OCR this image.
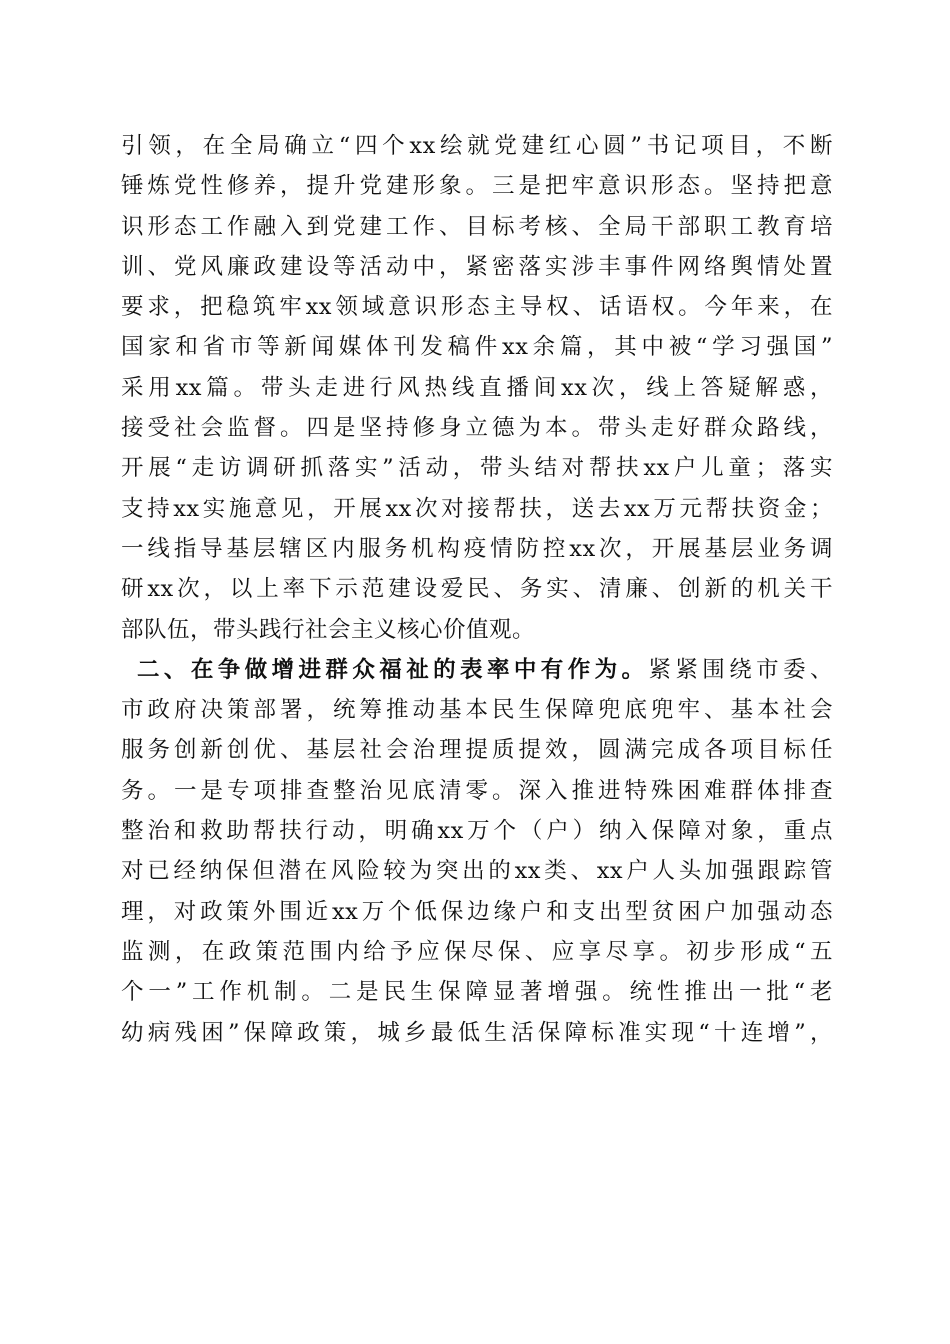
引领，在全局确立“四个xx绘就党建红心圆”书记项目，不断
锤炼党性修养，提升党建形象。三是把牢意识形态。坚持把意
识形态工作融入到党建工作、目标考核、全局干部职工教育培
训、党风廉政建设等活动中，紧密落实涉丰事件网络舆情处置
要求，把稳筑牢xx领域意识形态主导权、话语权。今年来，在
国家和省市等新闻媒体刊发稿件xx余篇，其中被“学习强国”
采用xx篇。带头走进行风热线直播间xx次，线上答疑解惑，
接受社会监督。四是坚持修身立德为本。带头走好群众路线，
开展“走访调研抓落实”活动，带头结对帮扶xx户儿童；落实
支持xx实施意见，开展xx次对接帮扶，送去xx万元帮扶资金；
一线指导基层辖区内服务机构疫情防控xx次，开展基层业务调
研xx次，以上率下示范建设爱民、务实、清廉、创新的机关干
部队伍，带头践行社会主义核心价值观。
二、在争做增进群众福祉的表率中有作为。紧紧围绕市委、
市政府决策部署，统筹推动基本民生保障兜底兜牢、基本社会
服务创新创优、基层社会治理提质提效，圆满完成各项目标任
务。一是专项排查整治见底清零。深入推进特殊困难群体排查
整治和救助帮扶行动，明确xx万个（户）纳入保障对象，重点
对已经纳保但潜在风险较为突出的xx类、xx户人头加强跟踪管
理，对政策外围近xx万个低保边缘户和支出型贫困户加强动态
监测，在政策范围内给予应保尽保、应享尽享。初步形成“五
个一”工作机制。二是民生保障显著增强。统性推出一批“老
幼病残困”保障政策，城乡最低生活保障标准实现“十连增”，
